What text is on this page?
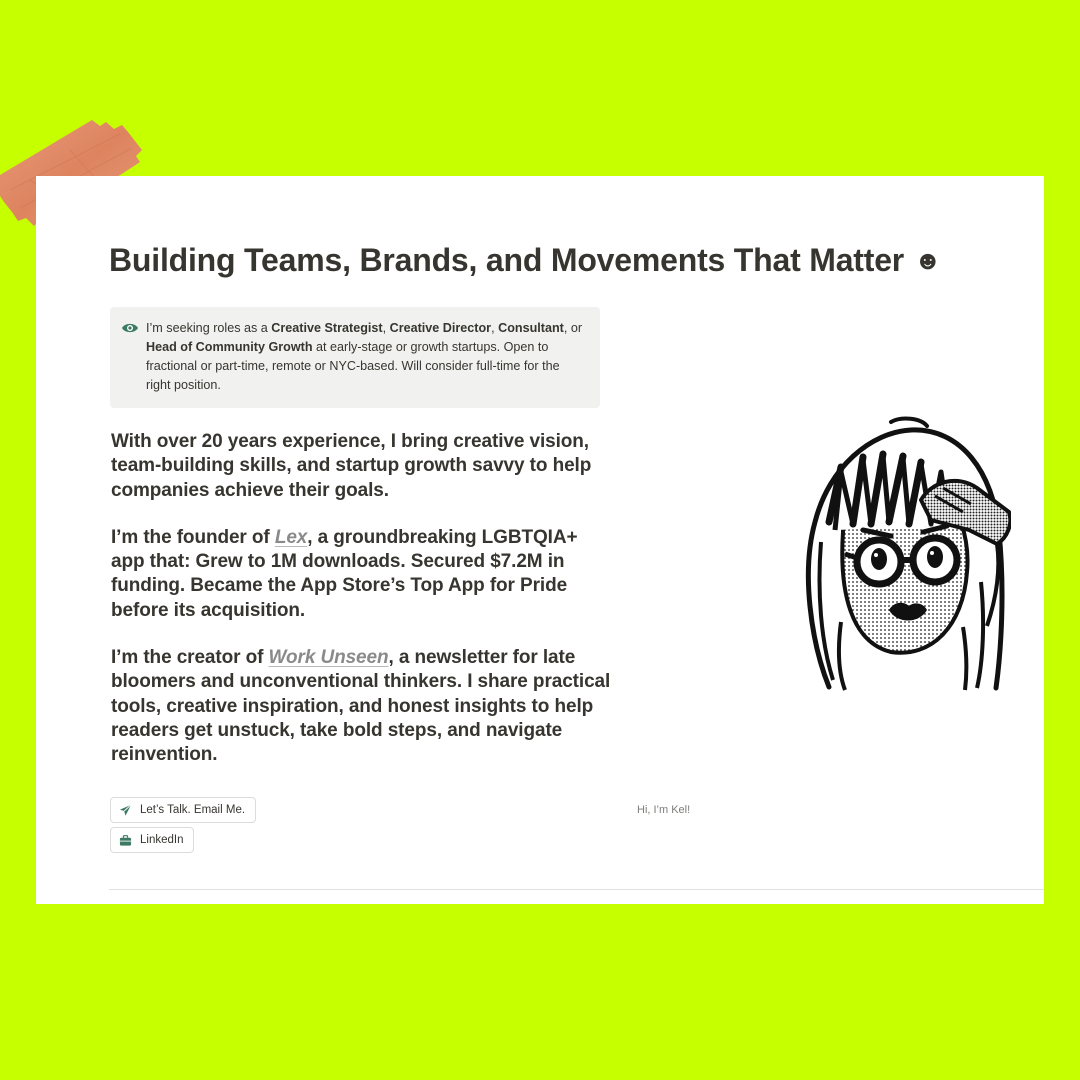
Building Teams, Brands, and Movements That Matter ☻

I’m seeking roles as a Creative Strategist, Creative Director, Consultant, or Head of Community Growth at early-stage or growth startups. Open to fractional or part-time, remote or NYC-based. Will consider full-time for the right position.

With over 20 years experience, I bring creative vision, team-building skills, and startup growth savvy to help companies achieve their goals.

I’m the founder of Lex, a groundbreaking LGBTQIA+ app that: Grew to 1M downloads. Secured $7.2M in funding. Became the App Store’s Top App for Pride before its acquisition.

I’m the creator of Work Unseen, a newsletter for late bloomers and unconventional thinkers. I share practical tools, creative inspiration, and honest insights to help readers get unstuck, take bold steps, and navigate reinvention.

Let’s Talk. Email Me.
LinkedIn
Hi, I’m Kel!
